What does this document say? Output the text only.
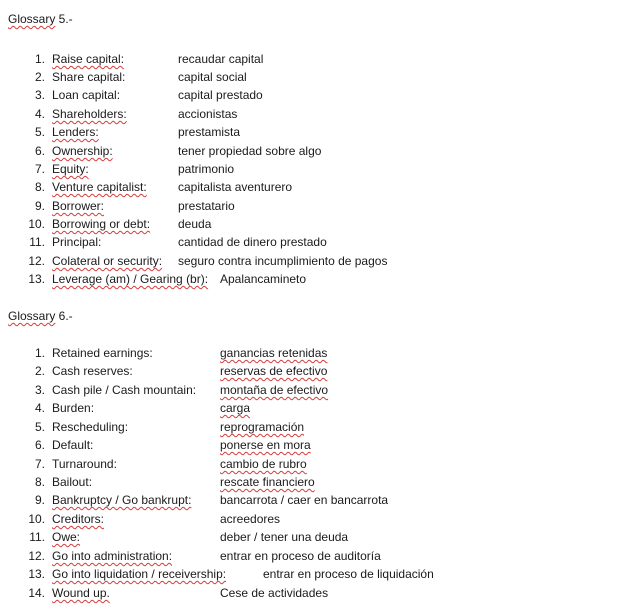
Glossary 5.-
1. Raise capital:	recaudar capital
2. Share capital:	capital social
3. Loan capital:	capital prestado
4. Shareholders:	accionistas
5. Lenders:	prestamista
6. Ownership:	tener propiedad sobre algo
7. Equity:	patrimonio
8. Venture capitalist:	capitalista aventurero
9. Borrower:	prestatario
10. Borrowing or debt: deuda
11. Principal:	cantidad de dinero prestado
12. Colateral or security: seguro contra incumplimiento de pagos
13. Leverage (am) / Gearing (br): Apalancamineto
Glossary 6.-
1. Retained earnings:	ganancias retenidas
2. Cash reserves:	reservas de efectivo
3. Cash pile / Cash mountain: montaña de efectivo
4. Burden:	carga
5. Rescheduling:	reprogramación
6. Default:	ponerse en mora
7. Turnaround:	cambio de rubro
8. Bailout:	rescate financiero
9. Bankruptcy / Go bankrupt: bancarrota / caer en bancarrota
10. Creditors:	acreedores
11. Owe:	deber / tener una deuda
12. Go into administration:	entrar en proceso de auditoría
13. Go into liquidation / receivership:	entrar en proceso de liquidación
14. Wound up.	Cese de actividades
